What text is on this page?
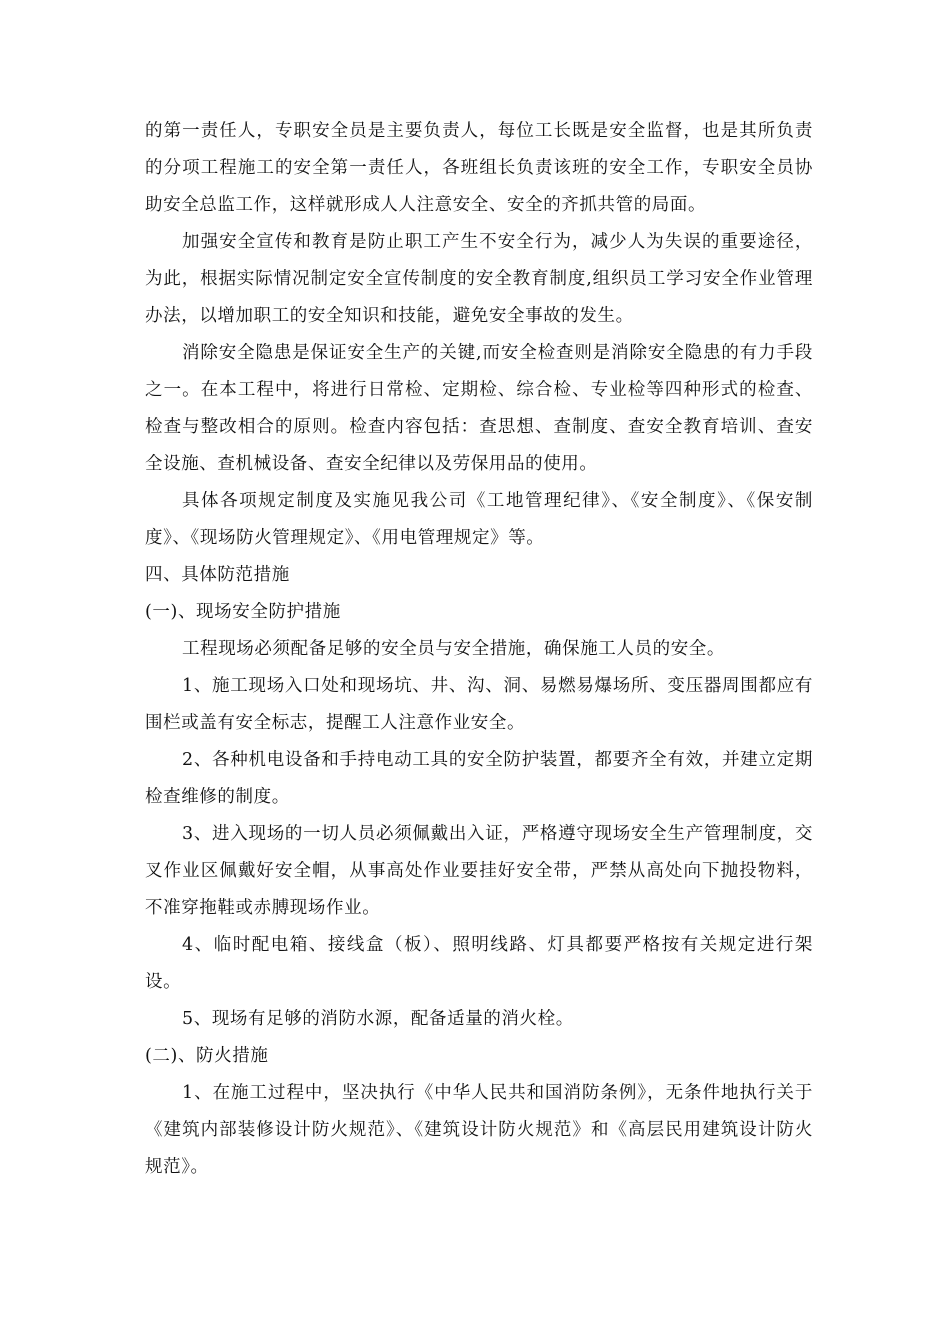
的第一责任人，专职安全员是主要负责人，每位工长既是安全监督，也是其所负责的分项工程施工的安全第一责任人，各班组长负责该班的安全工作，专职安全员协助安全总监工作，这样就形成人人注意安全、安全的齐抓共管的局面。

加强安全宣传和教育是防止职工产生不安全行为，减少人为失误的重要途径，为此，根据实际情况制定安全宣传制度的安全教育制度,组织员工学习安全作业管理办法，以增加职工的安全知识和技能，避免安全事故的发生。

消除安全隐患是保证安全生产的关键,而安全检查则是消除安全隐患的有力手段之一。在本工程中，将进行日常检、定期检、综合检、专业检等四种形式的检查、检查与整改相合的原则。检查内容包括：查思想、查制度、查安全教育培训、查安全设施、查机械设备、查安全纪律以及劳保用品的使用。

具体各项规定制度及实施见我公司《工地管理纪律》、《安全制度》、《保安制度》、《现场防火管理规定》、《用电管理规定》等。

四、具体防范措施

(一)、现场安全防护措施

工程现场必须配备足够的安全员与安全措施，确保施工人员的安全。

1、施工现场入口处和现场坑、井、沟、洞、易燃易爆场所、变压器周围都应有围栏或盖有安全标志，提醒工人注意作业安全。

2、各种机电设备和手持电动工具的安全防护装置，都要齐全有效，并建立定期检查维修的制度。

3、进入现场的一切人员必须佩戴出入证，严格遵守现场安全生产管理制度，交叉作业区佩戴好安全帽，从事高处作业要挂好安全带，严禁从高处向下抛投物料，不准穿拖鞋或赤膊现场作业。

4、临时配电箱、接线盒（板）、照明线路、灯具都要严格按有关规定进行架设。

5、现场有足够的消防水源，配备适量的消火栓。

(二)、防火措施

1、在施工过程中，坚决执行《中华人民共和国消防条例》，无条件地执行关于《建筑内部装修设计防火规范》、《建筑设计防火规范》和《高层民用建筑设计防火规范》。
